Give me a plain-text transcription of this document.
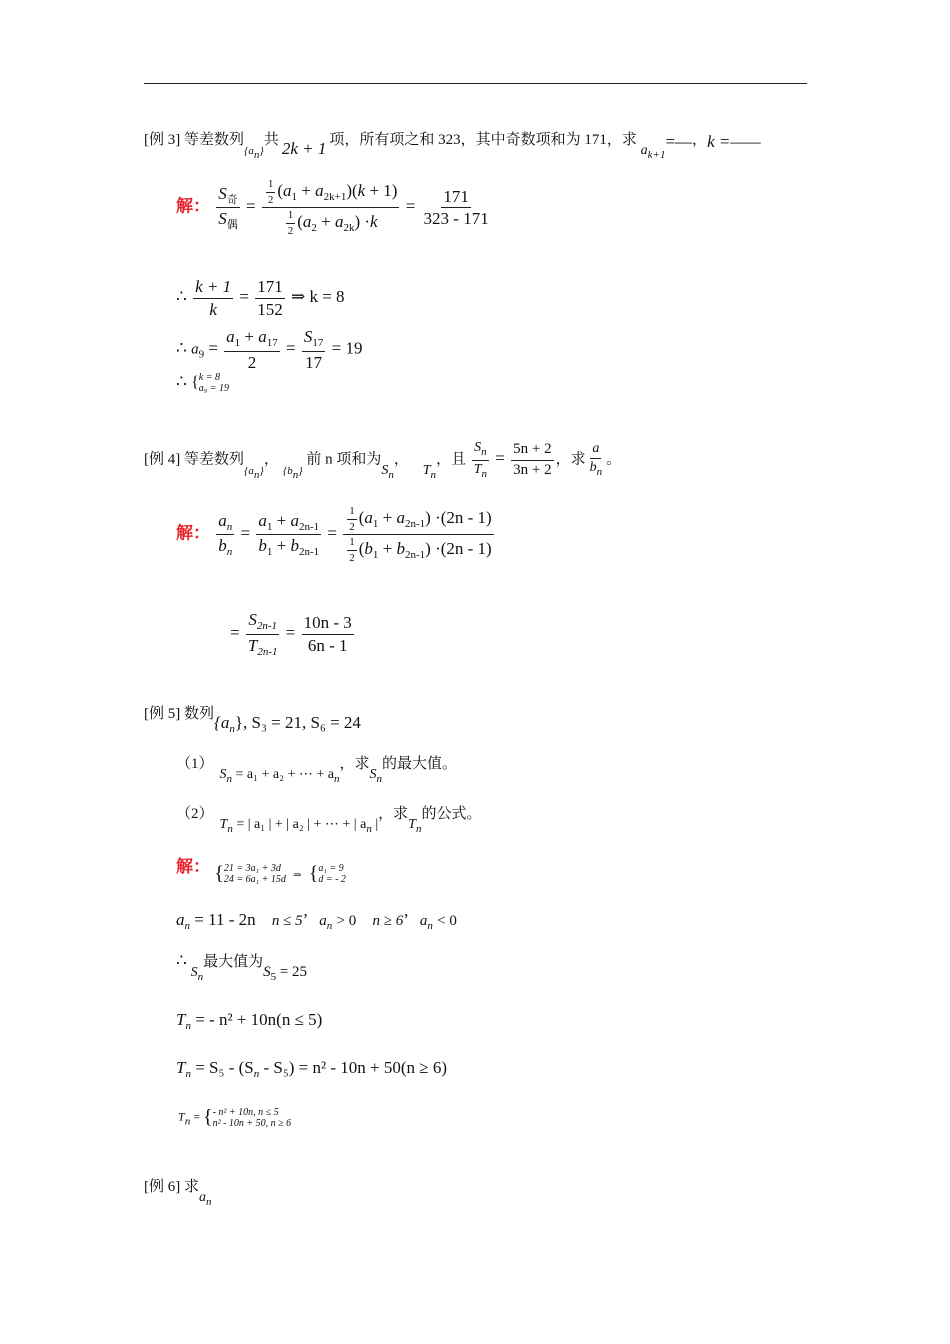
[例 3] 等差数列$_{\{an\}}$共 2k + 1 项，所有项之和 323，其中奇数项和为 171，求 $a_{k+1}=—$，k =——
解： $\frac{S_奇}{S_偶} = \frac{\frac{1}{2} (a_1 + a_{2k+1})(k + 1)}{\frac{1}{2} (a_2 + a_{2k}) \cdot k} = \frac{171}{323 - 171}$
∴ $\frac{k + 1}{k} = \frac{171}{152}$ ⇒ k = 8
∴ $a_9 = \frac{a_1 + a_{17}}{2} = \frac{S_{17}}{17} = 19$
∴ { k = 8
a₉ = 19
[例 4] 等差数列$_{\{an\}}$，$_{\{bn\}}$ 前 n 项和为$S_n$， $T_n$，且 $\frac{S_n}{T_n} = \frac{5n + 2}{3n + 2}$ ，求 $\frac{a}{b_n}$ 。
解： $\frac{a_n}{b_n} = \frac{a_1 + a_{2n-1}}{b_1 + b_{2n-1}} = \frac{\frac{1}{2} (a_1 + a_{2n-1}) \cdot(2n - 1)}{\frac{1}{2} (b_1 + b_{2n-1}) \cdot(2n - 1)}$
= $\frac{S_{2n-1}}{T_{2n-1}} = \frac{10n - 3}{6n - 1}$
[例 5] 数列$\{a_n\}$, S₃ = 21, S₆ = 24
$(1)S_n = a_1 + a_2$ + ⋯ + $a_n$，求$S_n$的最大值。
$(2)T_n$ = | a₁ | + | a₂ | + ⋯ + | $a_n$ |，求$T_n$的公式。
解： { 21 = 3a₁ + 3d
24 = 6a₁ + 15d ⇒ { a₁ = 9
d = - 2
$a_n = 11 - 2n$ n ≤ 5’ $a_n > 0$ n ≥ 6’ $a_n < 0$
∴ $S_n$最大值为$S_5 = 25$
$T_n$ = - n² + 10n(n ≤ 5)
$T_n = S_5 - (S_n - S_5) = n^2 - 10n + 50(n \ge 6)$
Tn = { - n² + 10n, n ≤ 5
n² - 10n + 50, n ≥ 6
[例 6] 求$a_n$
